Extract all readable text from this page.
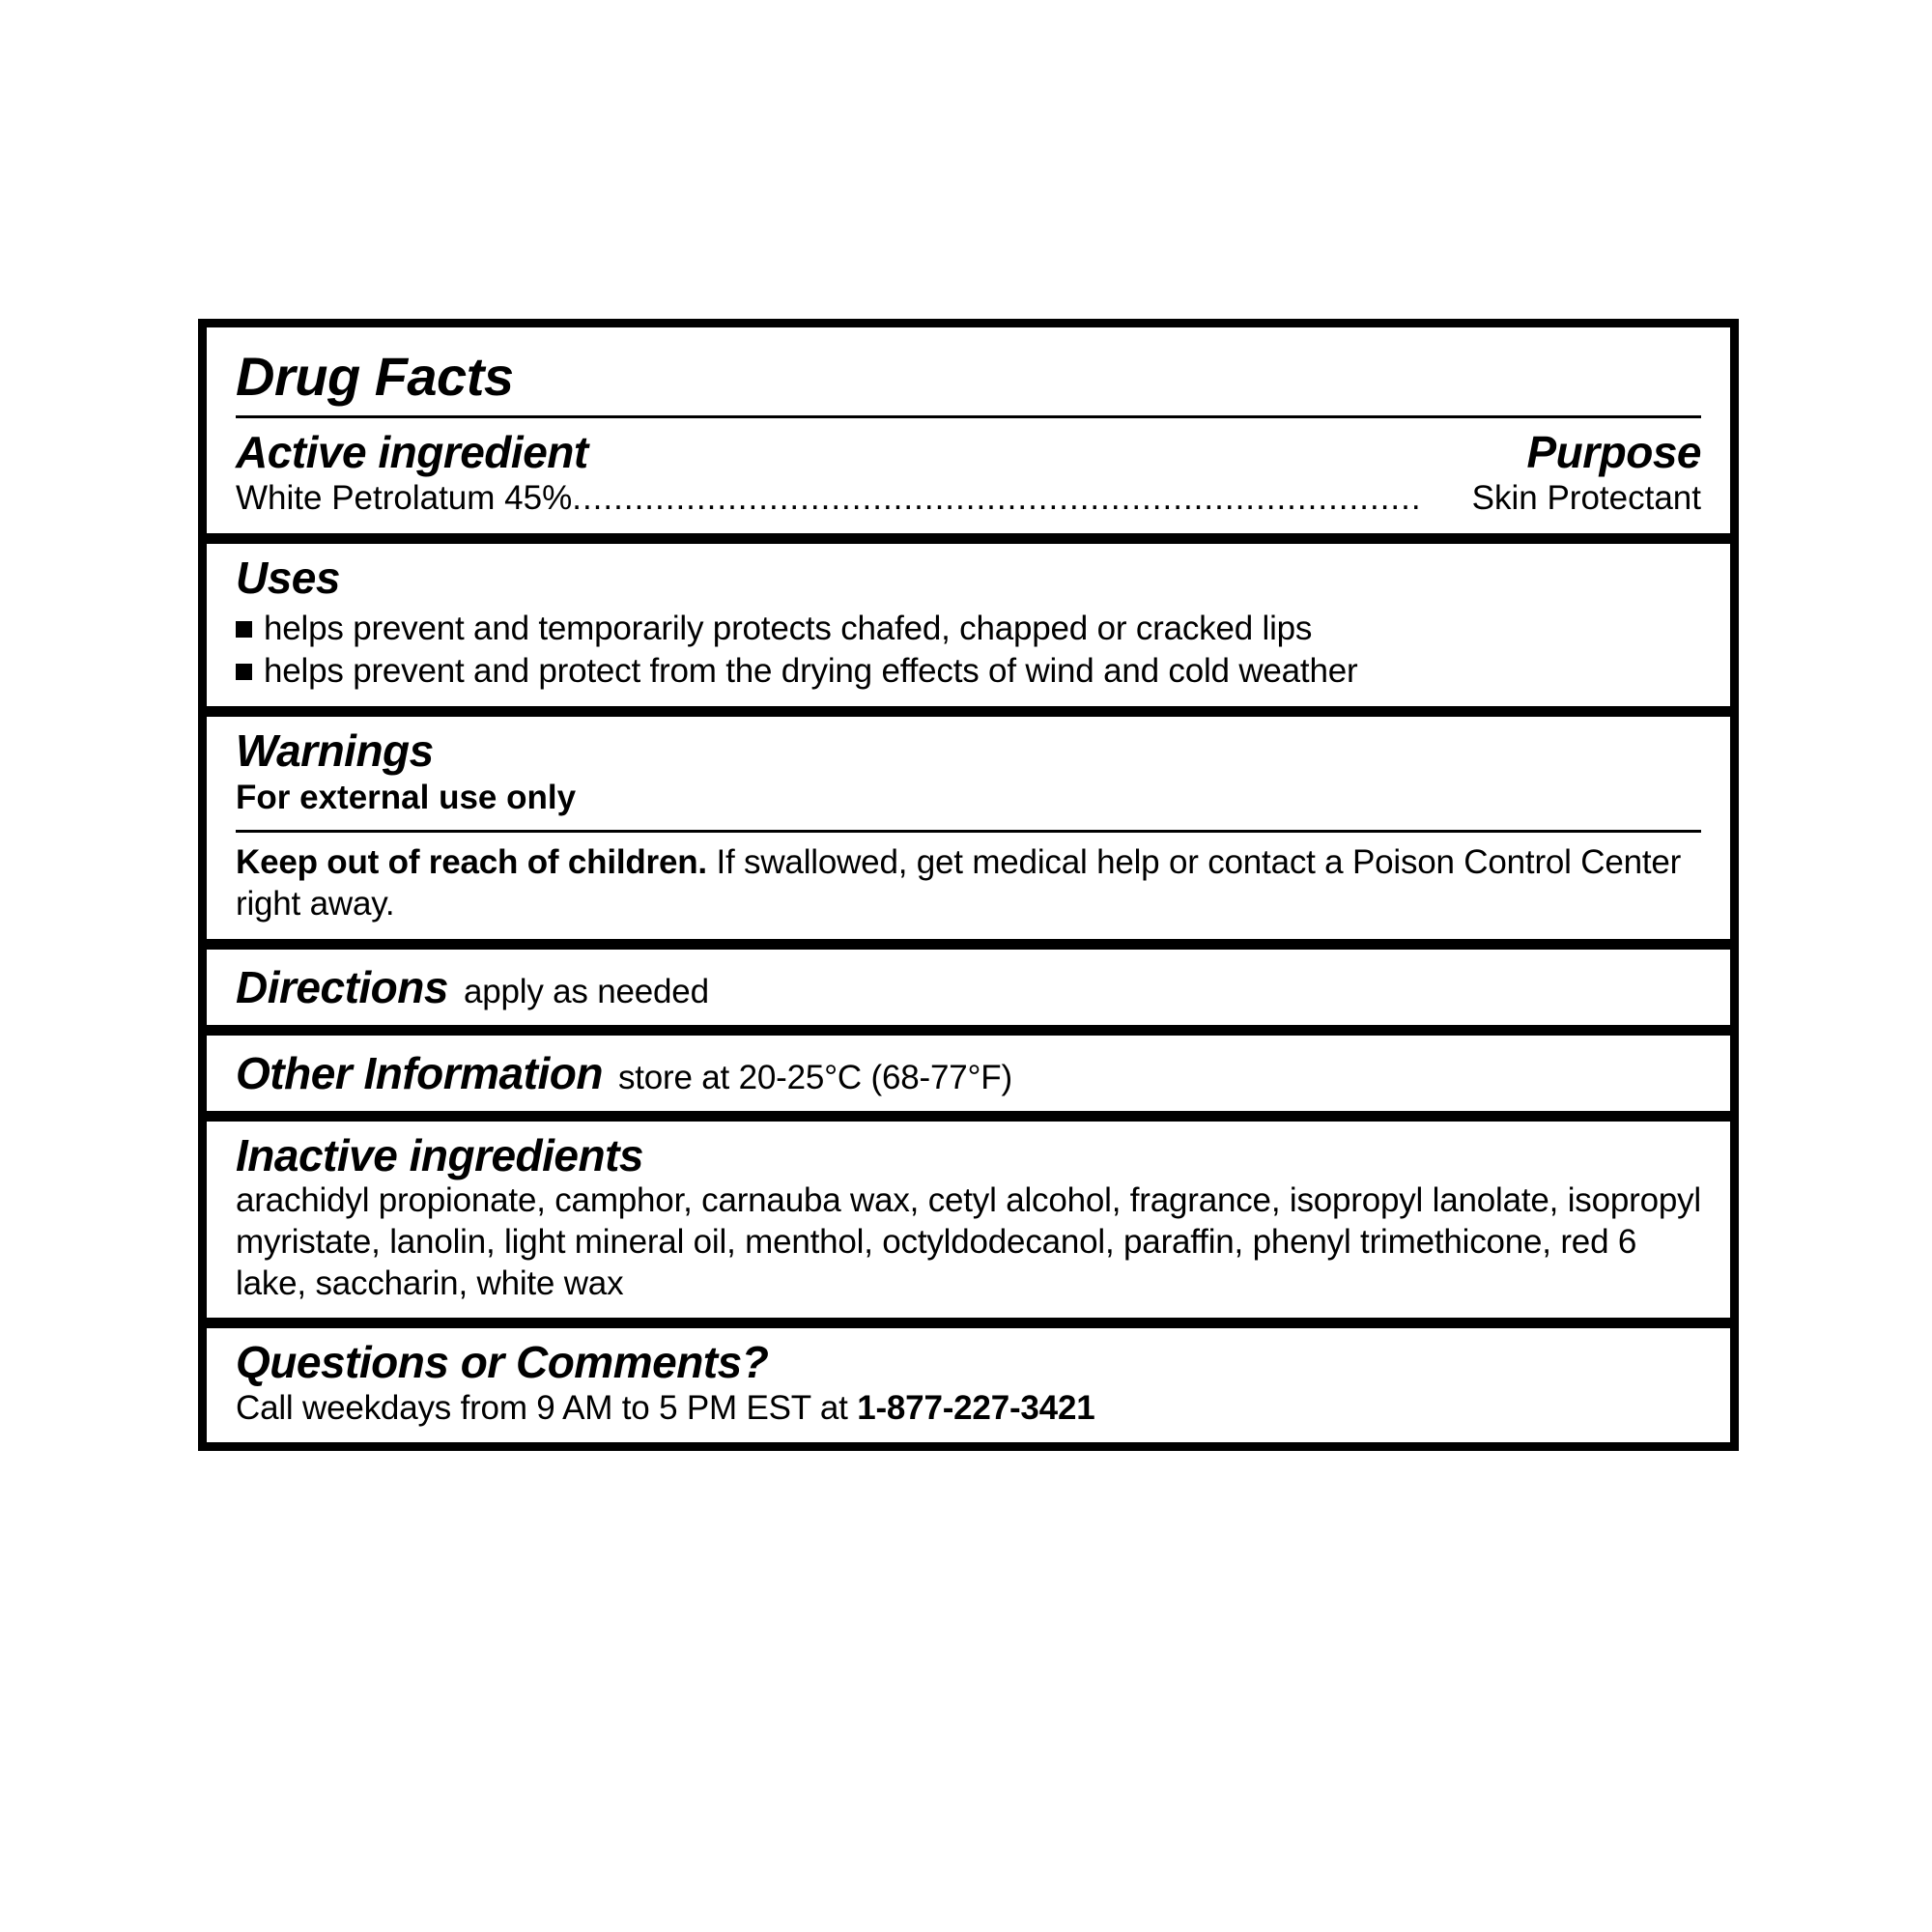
Drug Facts
Active ingredient	Purpose
White Petrolatum 45% ..................................................................................	Skin Protectant
Uses
helps prevent and temporarily protects chafed, chapped or cracked lips
helps prevent and protect from the drying effects of wind and cold weather
Warnings
For external use only
Keep out of reach of children. If swallowed, get medical help or contact a Poison Control Center right away.
Directions apply as needed
Other Information store at 20-25°C (68-77°F)
Inactive ingredients
arachidyl propionate, camphor, carnauba wax, cetyl alcohol, fragrance, isopropyl lanolate, isopropyl myristate, lanolin, light mineral oil, menthol, octyldodecanol, paraffin, phenyl trimethicone, red 6 lake, saccharin, white wax
Questions or Comments?
Call weekdays from 9 AM to 5 PM EST at 1-877-227-3421
